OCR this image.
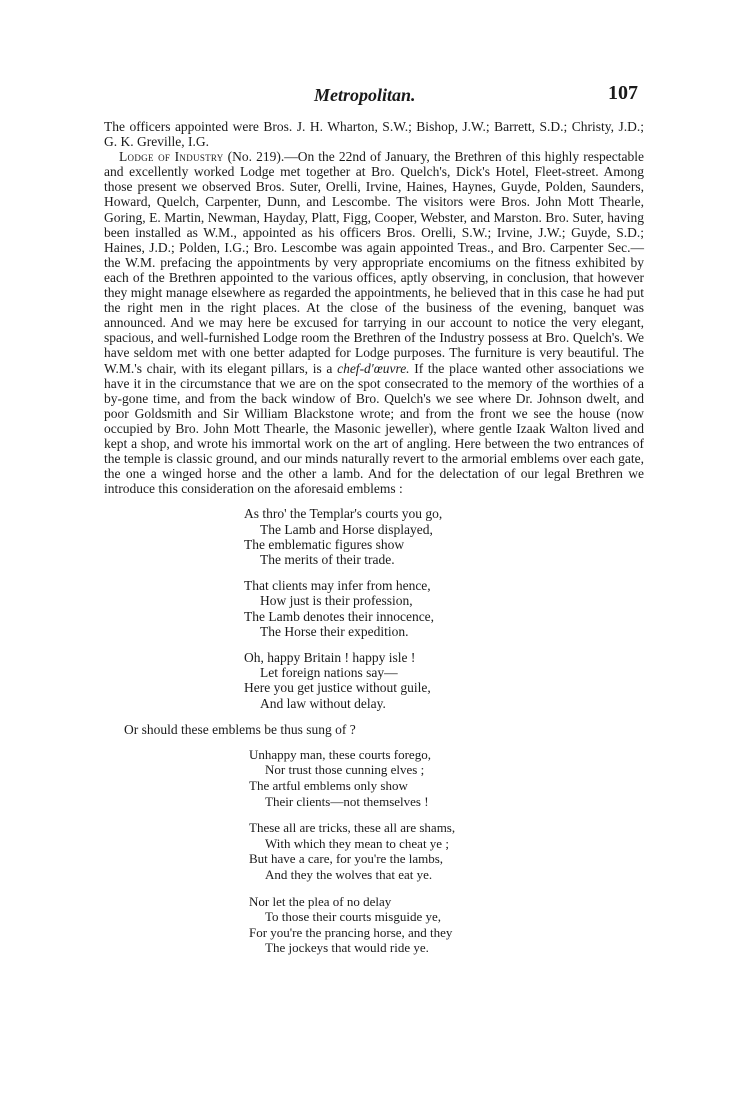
Metropolitan.	107

The officers appointed were Bros. J. H. Wharton, S.W.; Bishop, J.W.; Barrett, S.D.; Christy, J.D.; G. K. Greville, I.G.

Lodge of Industry (No. 219).—On the 22nd of January, the Brethren of this highly respectable and excellently worked Lodge met together at Bro. Quelch's, Dick's Hotel, Fleet-street. Among those present we observed Bros. Suter, Orelli, Irvine, Haines, Haynes, Guyde, Polden, Saunders, Howard, Quelch, Carpenter, Dunn, and Lescombe. The visitors were Bros. John Mott Thearle, Goring, E. Martin, Newman, Hayday, Platt, Figg, Cooper, Webster, and Marston. Bro. Suter, having been installed as W.M., appointed as his officers Bros. Orelli, S.W.; Irvine, J.W.; Guyde, S.D.; Haines, J.D.; Polden, I.G.; Bro. Lescombe was again appointed Treas., and Bro. Carpenter Sec.—the W.M. prefacing the appointments by very appropriate encomiums on the fitness exhibited by each of the Brethren appointed to the various offices, aptly observing, in conclusion, that however they might manage elsewhere as regarded the appointments, he believed that in this case he had put the right men in the right places. At the close of the business of the evening, banquet was announced. And we may here be excused for tarrying in our account to notice the very elegant, spacious, and well-furnished Lodge room the Brethren of the Industry possess at Bro. Quelch's. We have seldom met with one better adapted for Lodge purposes. The furniture is very beautiful. The W.M.'s chair, with its elegant pillars, is a chef-d'œuvre. If the place wanted other associations we have it in the circumstance that we are on the spot consecrated to the memory of the worthies of a by-gone time, and from the back window of Bro. Quelch's we see where Dr. Johnson dwelt, and poor Goldsmith and Sir William Blackstone wrote; and from the front we see the house (now occupied by Bro. John Mott Thearle, the Masonic jeweller), where gentle Izaak Walton lived and kept a shop, and wrote his immortal work on the art of angling. Here between the two entrances of the temple is classic ground, and our minds naturally revert to the armorial emblems over each gate, the one a winged horse and the other a lamb. And for the delectation of our legal Brethren we introduce this consideration on the aforesaid emblems :

As thro' the Templar's courts you go,
The Lamb and Horse displayed,
The emblematic figures show
The merits of their trade.
That clients may infer from hence,
How just is their profession,
The Lamb denotes their innocence,
The Horse their expedition.
Oh, happy Britain ! happy isle !
Let foreign nations say—
Here you get justice without guile,
And law without delay.

Or should these emblems be thus sung of ?

Unhappy man, these courts forego,
Nor trust those cunning elves ;
The artful emblems only show
Their clients—not themselves !
These all are tricks, these all are shams,
With which they mean to cheat ye ;
But have a care, for you're the lambs,
And they the wolves that eat ye.
Nor let the plea of no delay
To those their courts misguide ye,
For you're the prancing horse, and they
The jockeys that would ride ye.
